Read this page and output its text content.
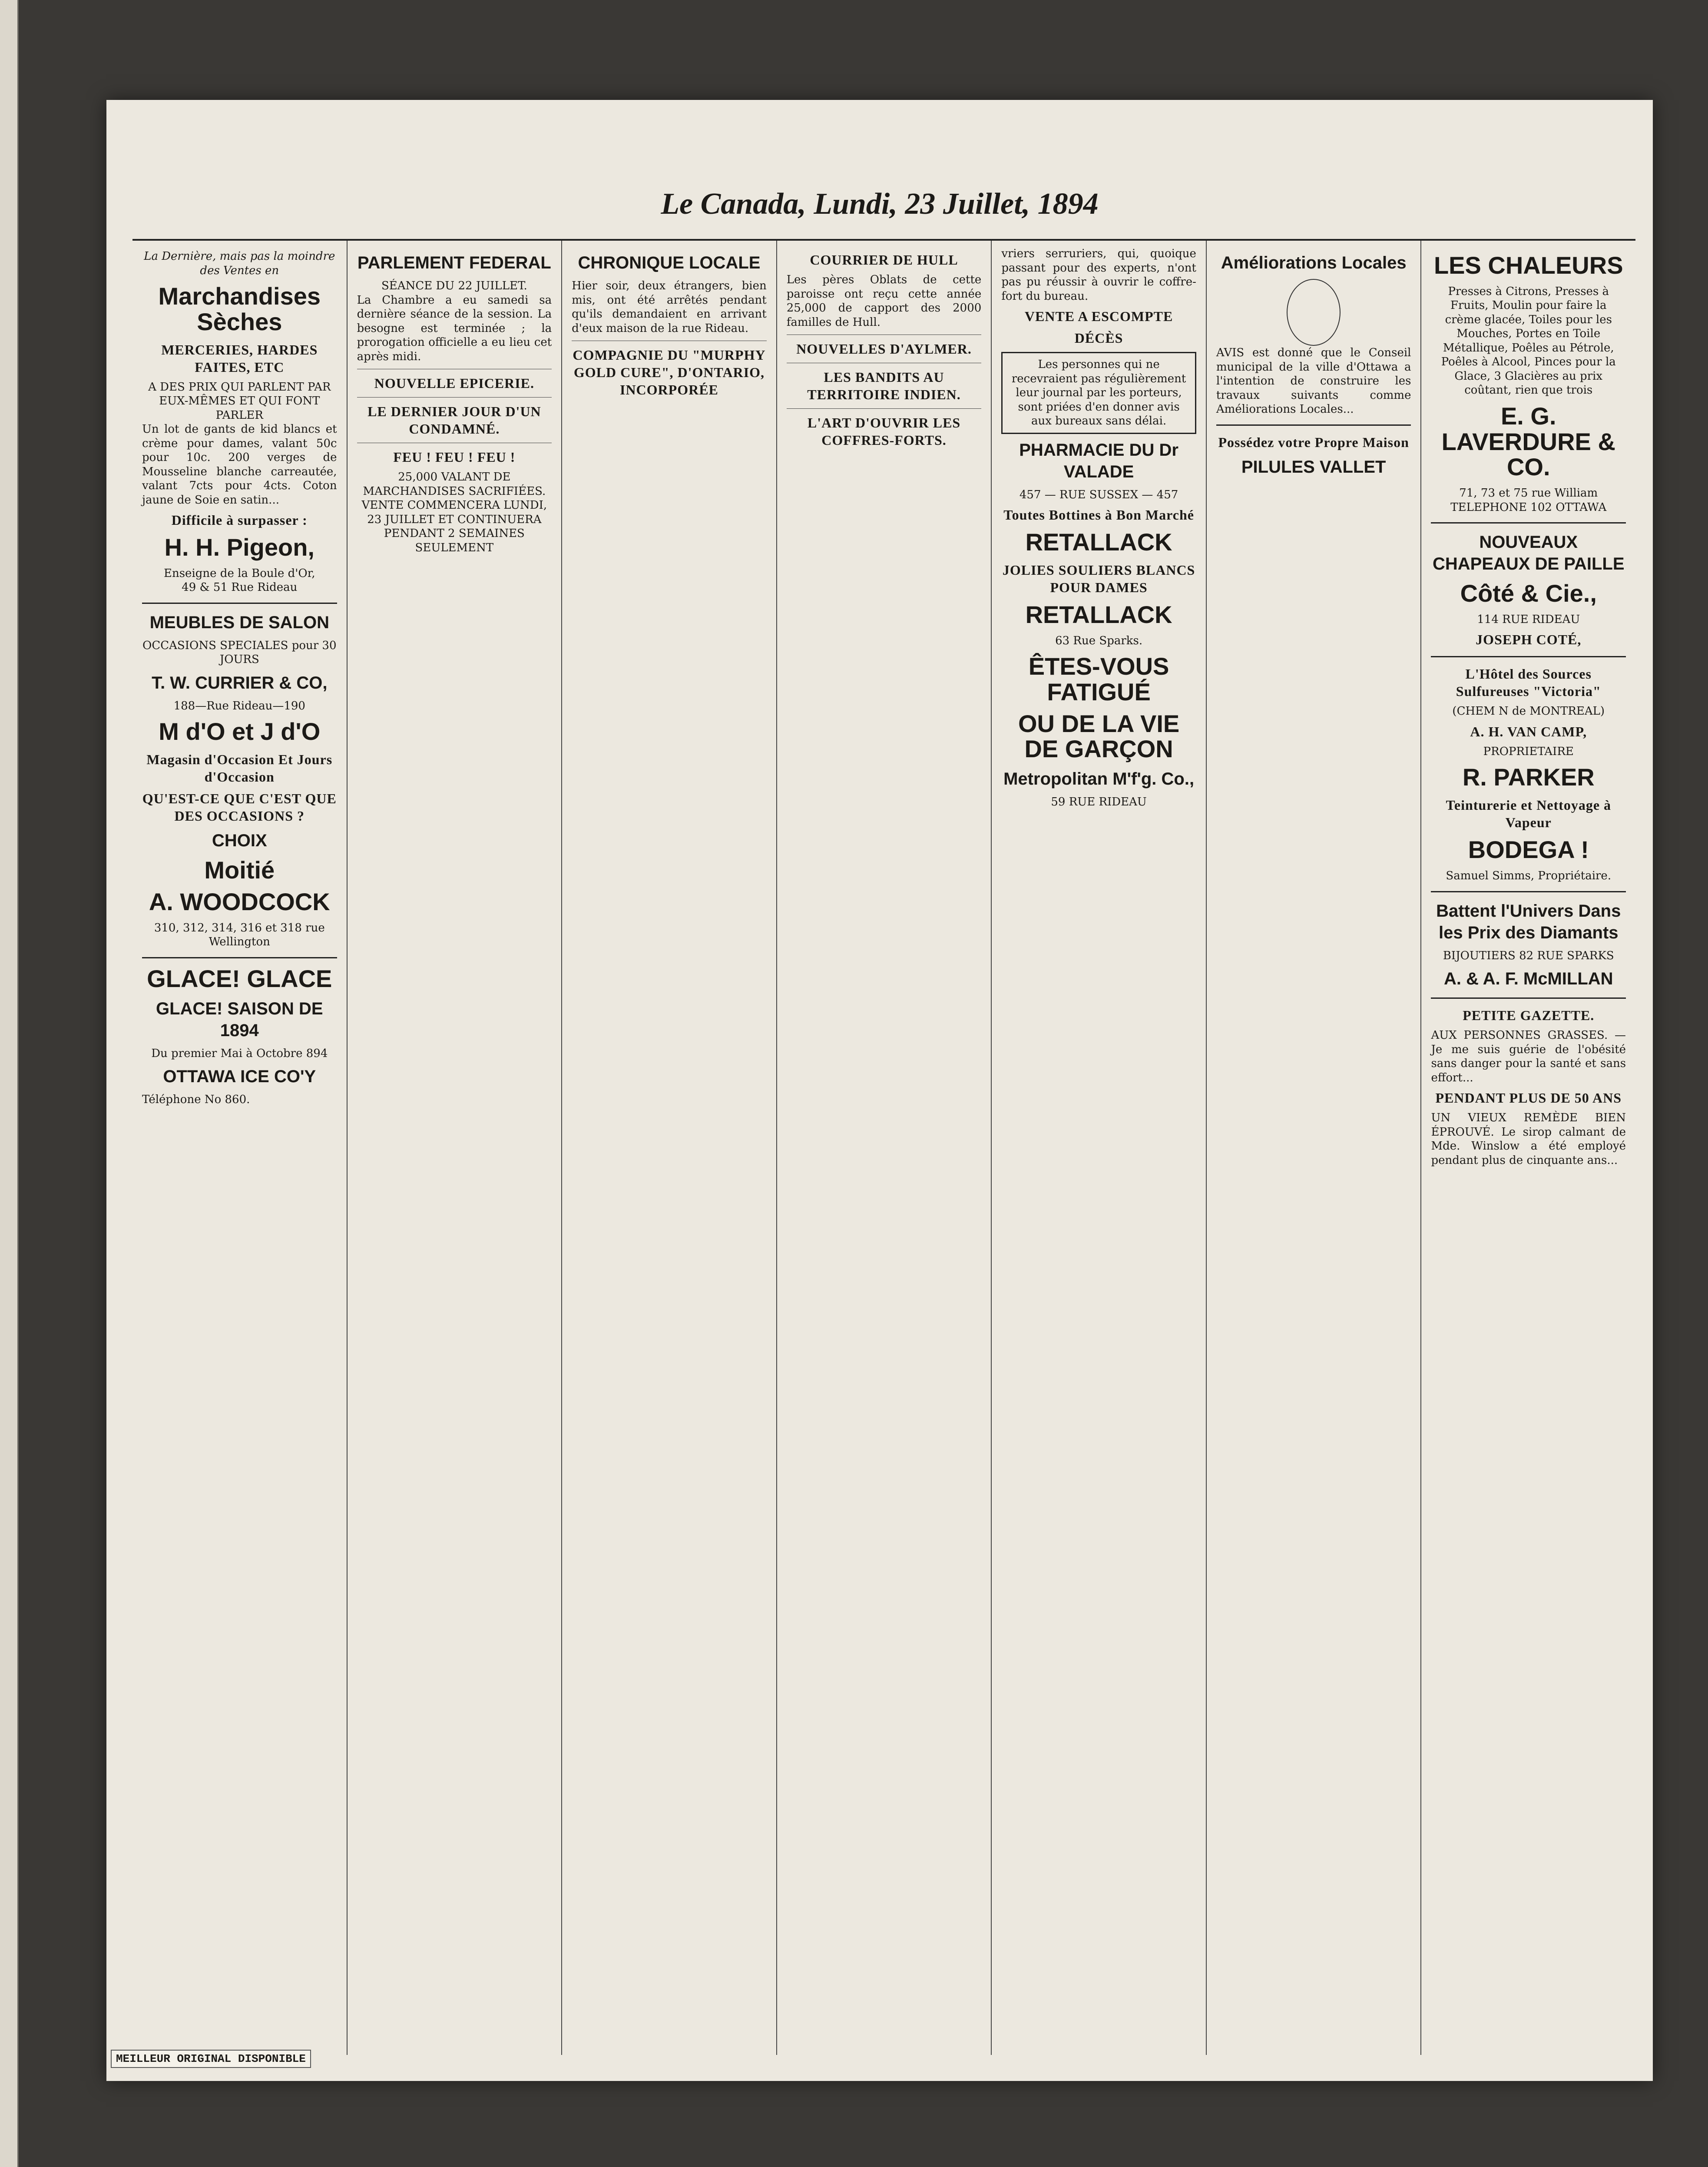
Le Canada, Lundi, 23 Juillet, 1894
La Dernière, mais pas la moindre des Ventes en
Marchandises Sèches
MERCERIES, HARDES FAITES, ETC
A DES PRIX QUI PARLENT PAR EUX-MÊMES ET QUI FONT PARLER

Un lot de gants de kid blancs et crème pour dames, valant 50c pour 10c. 200 verges de Mousseline blanche carreautée, valant 7cts pour 4cts. Coton jaune de Soie en satin...

Difficile à surpasser :
H. H. Pigeon,
Enseigne de la Boule d'Or,
49 & 51 Rue Rideau
MEUBLES DE SALON
OCCASIONS SPECIALES pour 30 JOURS
T. W. CURRIER & CO,
188—Rue Rideau—190
M d'O et J d'O
Magasin d'Occasion Et Jours d'Occasion
QU'EST-CE QUE C'EST QUE DES OCCASIONS ?
CHOIX
Moitié
A. WOODCOCK
310, 312, 314, 316 et 318 rue Wellington
GLACE! GLACE
GLACE! SAISON DE 1894
Du premier Mai à Octobre 894
OTTAWA ICE CO'Y
Téléphone No 860.
PARLEMENT FEDERAL
SÉANCE DU 22 JUILLET.

La Chambre a eu samedi sa dernière séance de la session. La besogne est terminée ; la prorogation officielle a eu lieu cet après midi.

NOUVELLE EPICERIE.
LE DERNIER JOUR D'UN CONDAMNÉ.
FEU ! FEU ! FEU !
25,000 VALANT DE MARCHANDISES SACRIFIÉES. VENTE COMMENCERA LUNDI, 23 JUILLET ET CONTINUERA PENDANT 2 SEMAINES SEULEMENT
CHRONIQUE LOCALE

Hier soir, deux étrangers, bien mis, ont été arrêtés pendant qu'ils demandaient en arrivant d'eux maison de la rue Rideau.

COMPAGNIE DU "MURPHY GOLD CURE", D'ONTARIO, INCORPORÉE
COURRIER DE HULL

Les pères Oblats de cette paroisse ont reçu cette année 25,000 de capport des 2000 familles de Hull.

NOUVELLES D'AYLMER.
LES BANDITS AU TERRITOIRE INDIEN.
L'ART D'OUVRIR LES COFFRES-FORTS.

vriers serruriers, qui, quoique passant pour des experts, n'ont pas pu réussir à ouvrir le coffre-fort du bureau.

VENTE A ESCOMPTE
DÉCÈS
Les personnes qui ne recevraient pas régulièrement leur journal par les porteurs, sont priées d'en donner avis aux bureaux sans délai.
PHARMACIE DU Dr VALADE
457 — RUE SUSSEX — 457
Toutes Bottines à Bon Marché
RETALLACK
JOLIES SOULIERS BLANCS POUR DAMES
RETALLACK
63 Rue Sparks.
ÊTES-VOUS FATIGUÉ
OU DE LA VIE DE GARÇON
Metropolitan M'f'g. Co.,
59 RUE RIDEAU
Améliorations Locales

AVIS est donné que le Conseil municipal de la ville d'Ottawa a l'intention de construire les travaux suivants comme Améliorations Locales...

Possédez votre Propre Maison
PILULES VALLET
LES CHALEURS

Presses à Citrons, Presses à Fruits, Moulin pour faire la crème glacée, Toiles pour les Mouches, Portes en Toile Métallique, Poêles au Pétrole, Poêles à Alcool, Pinces pour la Glace, 3 Glacières au prix coûtant, rien que trois

E. G. LAVERDURE & CO.
71, 73 et 75 rue William
TELEPHONE 102 OTTAWA
NOUVEAUX CHAPEAUX DE PAILLE
Côté & Cie.,
114 RUE RIDEAU
JOSEPH COTÉ,
L'Hôtel des Sources Sulfureuses "Victoria"
(CHEM N de MONTREAL)
A. H. VAN CAMP,
PROPRIETAIRE
R. PARKER
Teinturerie et Nettoyage à Vapeur
BODEGA !
Samuel Simms, Propriétaire.
Battent l'Univers Dans les Prix des Diamants
BIJOUTIERS 82 RUE SPARKS
A. & A. F. McMILLAN
PETITE GAZETTE.

AUX PERSONNES GRASSES. — Je me suis guérie de l'obésité sans danger pour la santé et sans effort...

PENDANT PLUS DE 50 ANS

UN VIEUX REMÈDE BIEN ÉPROUVÉ. Le sirop calmant de Mde. Winslow a été employé pendant plus de cinquante ans...

MEILLEUR ORIGINAL DISPONIBLE
